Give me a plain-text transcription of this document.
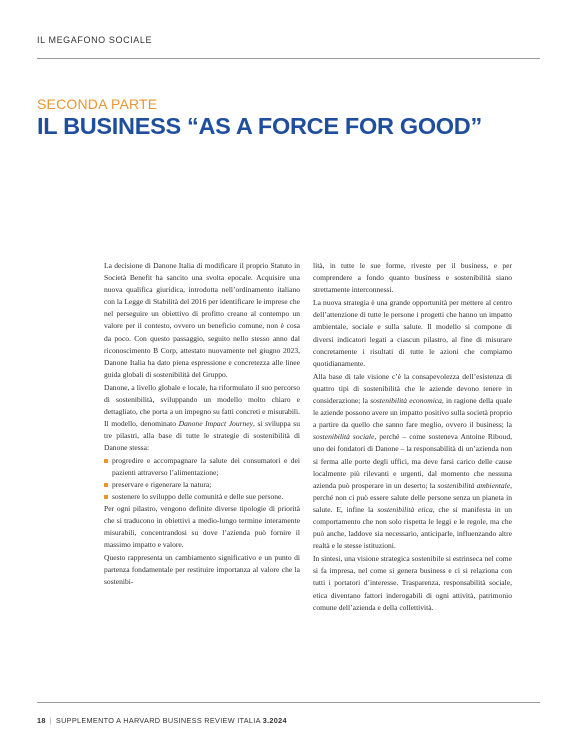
IL MEGAFONO SOCIALE
SECONDA PARTE
IL BUSINESS “AS A FORCE FOR GOOD”

La decisione di Danone Italia di modificare il proprio Statuto in Società Benefit ha sancito una svolta epocale. Acquisire una nuova qualifica giuridica, introdotta nell’ordinamento italiano con la Legge di Stabilità del 2016 per identificare le imprese che nel perseguire un obiettivo di profitto creano al contempo un valore per il contesto, ovvero un beneficio comune, non è cosa da poco. Con questo passaggio, seguito nello stesso anno dal riconoscimento B Corp, attestato nuovamente nel giugno 2023, Danone Italia ha dato piena espressione e concretezza alle linee guida globali di sostenibilità del Gruppo.

Danone, a livello globale e locale, ha riformulato il suo percorso di sostenibilità, sviluppando un modello molto chiaro e dettagliato, che porta a un impegno su fatti concreti e misurabili. Il modello, denominato Danone Impact Journey, si sviluppa su tre pilastri, alla base di tutte le strategie di sostenibilità di Danone stessa:

progredire e accompagnare la salute dei consumatori e dei pazienti attraverso l’alimentazione;
preservare e rigenerare la natura;
sostenere lo sviluppo delle comunità e delle sue persone.

Per ogni pilastro, vengono definite diverse tipologie di priorità che si traducono in obiettivi a medio-lungo termine interamente misurabili, concentrandosi su dove l’azienda può fornire il massimo impatto e valore.

Questo rappresenta un cambiamento significativo e un punto di partenza fondamentale per restituire importanza al valore che la sostenibi-

lità, in tutte le sue forme, riveste per il business, e per comprendere a fondo quanto business e sostenibilità siano strettamente interconnessi.

La nuova strategia è una grande opportunità per mettere al centro dell’attenzione di tutte le persone i progetti che hanno un impatto ambientale, sociale e sulla salute. Il modello si compone di diversi indicatori legati a ciascun pilastro, al fine di misurare concretamente i risultati di tutte le azioni che compiamo quotidianamente.

Alla base di tale visione c’è la consapevolezza dell’esistenza di quattro tipi di sostenibilità che le aziende devono tenere in considerazione; la sostenibilità economica, in ragione della quale le aziende possono avere un impatto positivo sulla società proprio a partire da quello che sanno fare meglio, ovvero il business; la sostenibilità sociale, perché – come sosteneva Antoine Riboud, uno dei fondatori di Danone – la responsabilità di un’azienda non si ferma alle porte degli uffici, ma deve farsi carico delle cause localmente più rilevanti e urgenti, dal momento che nessuna azienda può prosperare in un deserto; la sostenibilità ambientale, perché non ci può essere salute delle persone senza un pianeta in salute. E, infine la sostenibilità etica, che si manifesta in un comportamento che non solo rispetta le leggi e le regole, ma che può anche, laddove sia necessario, anticiparle, influenzando altre realtà e le stesse istituzioni.

In sintesi, una visione strategica sostenibile si estrinseca nel come si fa impresa, nel come si genera business e ci si relaziona con tutti i portatori d’interesse. Trasparenza, responsabilità sociale, etica diventano fattori inderogabili di ogni attività, patrimonio comune dell’azienda e della collettività.

18 | SUPPLEMENTO A HARVARD BUSINESS REVIEW ITALIA 3.2024
